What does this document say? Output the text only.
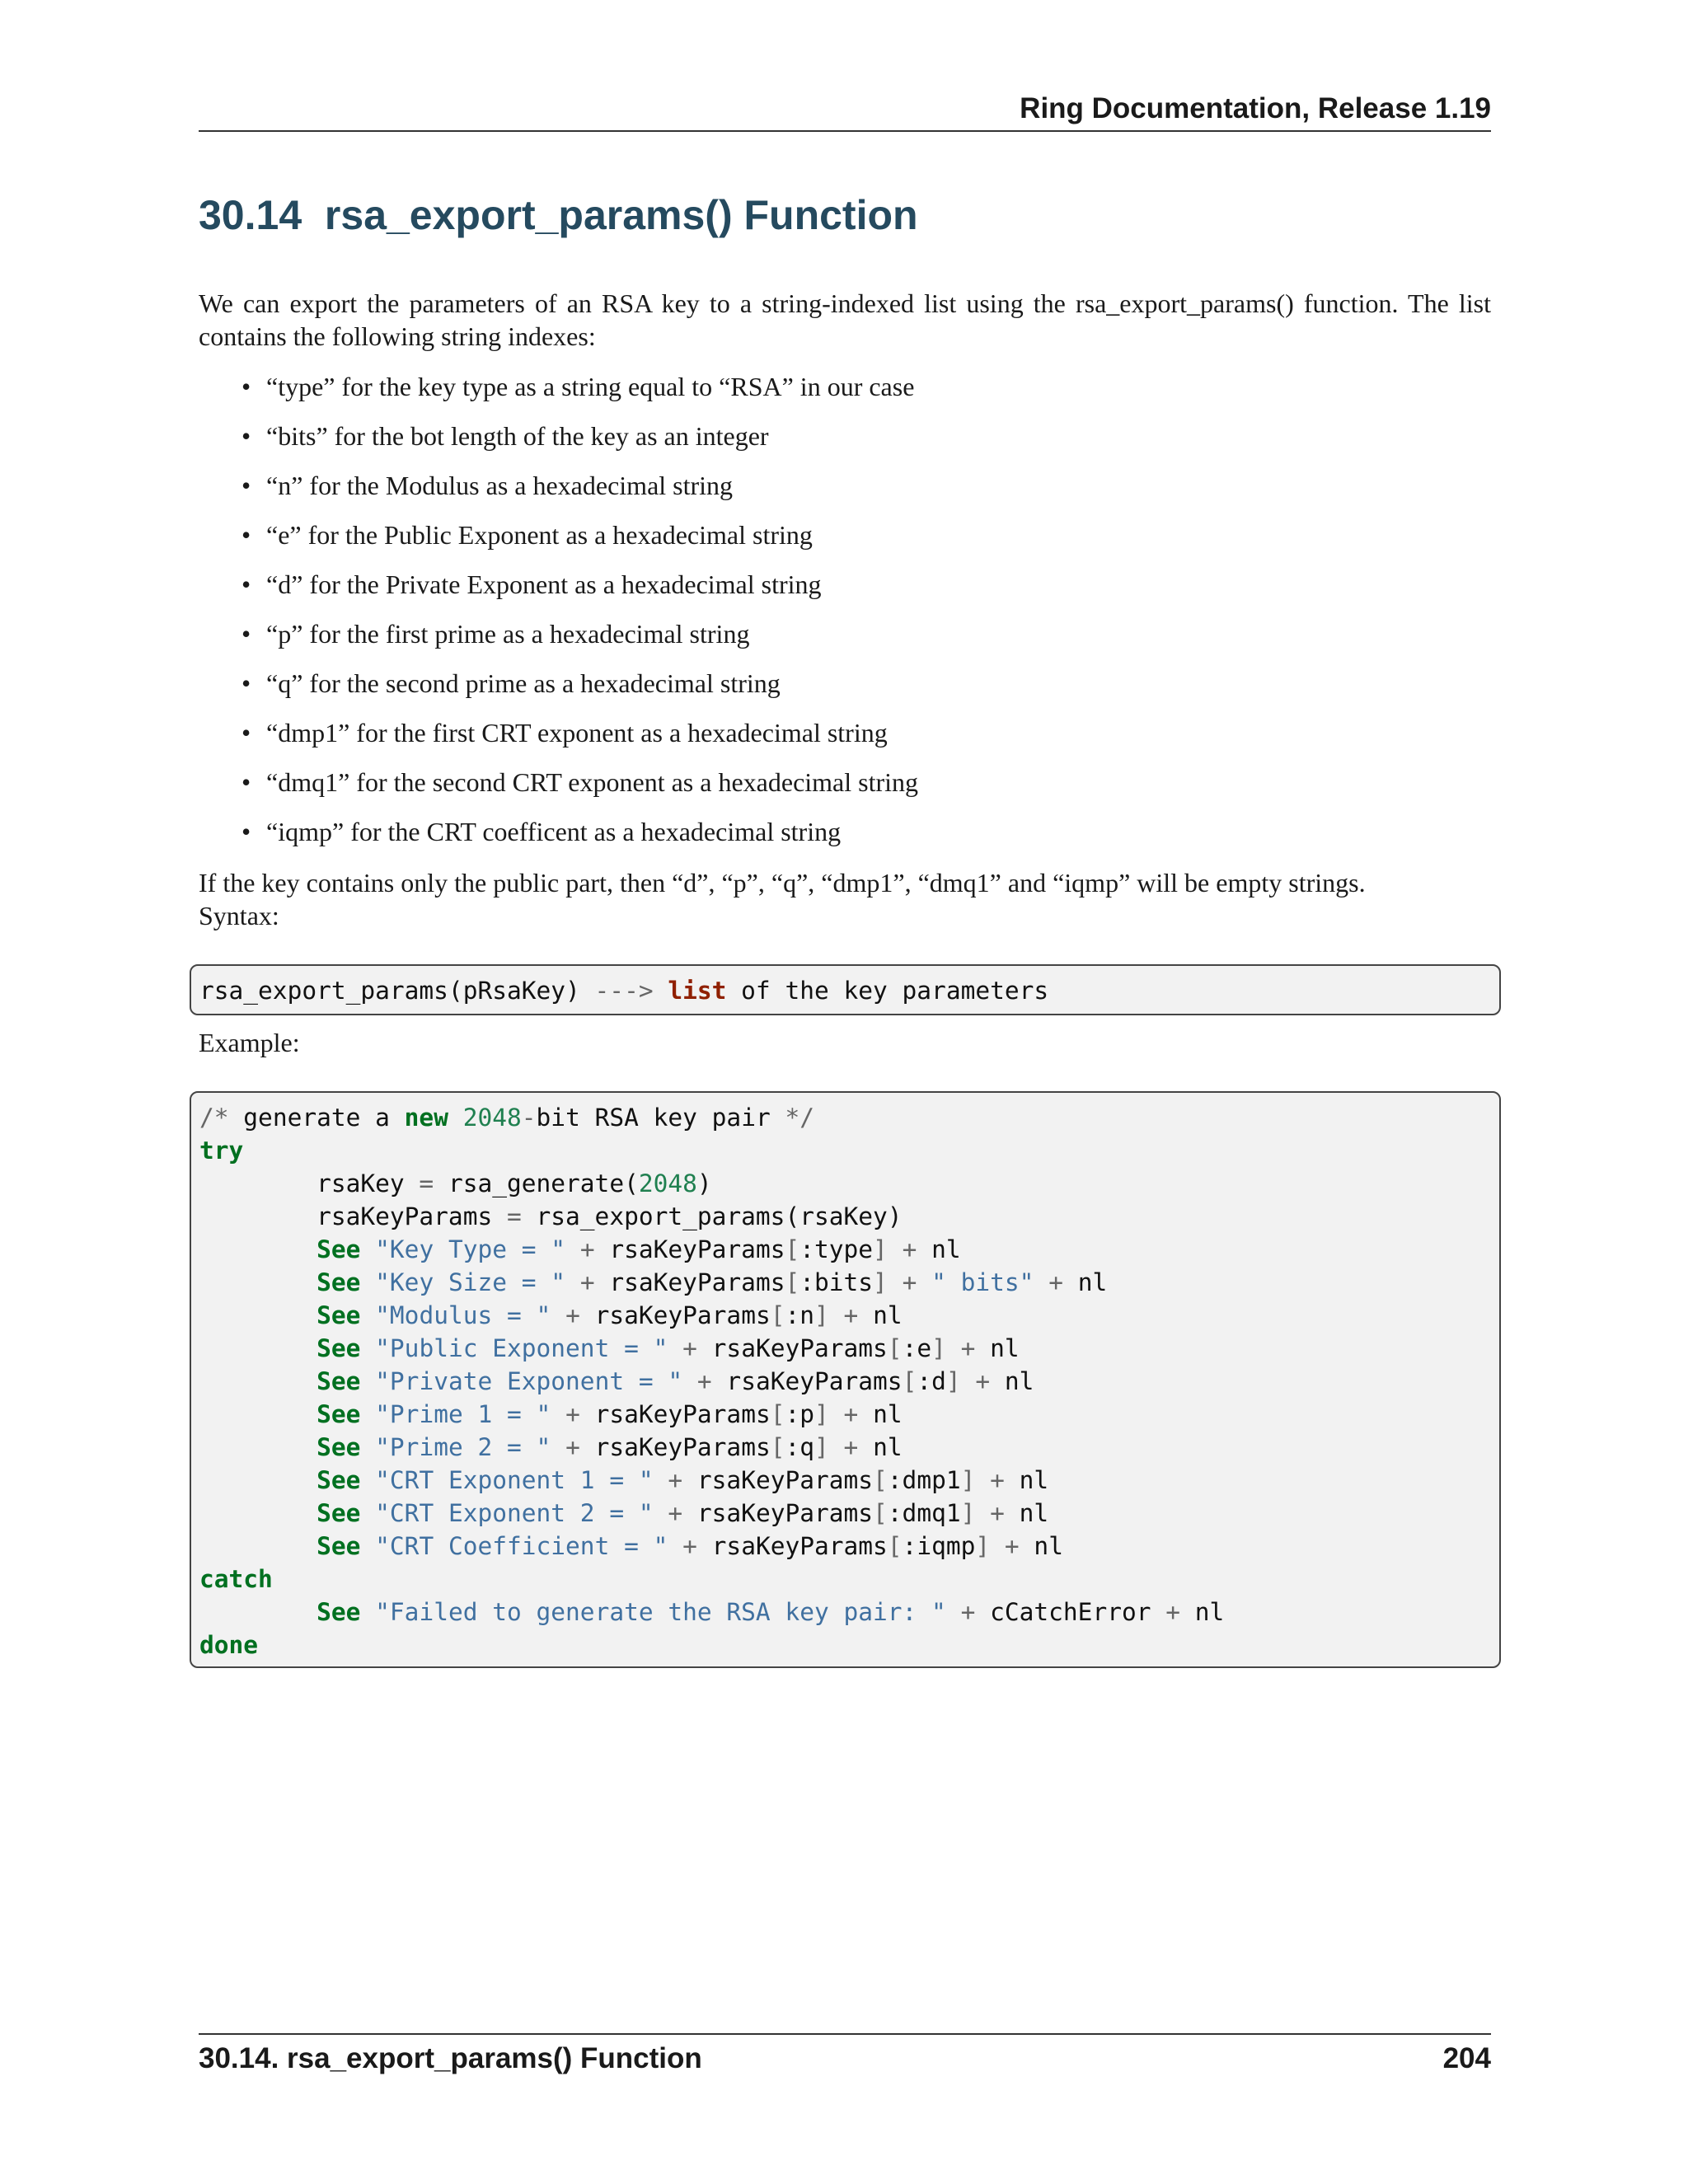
Ring Documentation, Release 1.19
30.14 rsa_export_params() Function

We can export the parameters of an RSA key to a string-indexed list using the rsa_export_params() function. The list contains the following string indexes:

• “type” for the key type as a string equal to “RSA” in our case
• “bits” for the bot length of the key as an integer
• “n” for the Modulus as a hexadecimal string
• “e” for the Public Exponent as a hexadecimal string
• “d” for the Private Exponent as a hexadecimal string
• “p” for the first prime as a hexadecimal string
• “q” for the second prime as a hexadecimal string
• “dmp1” for the first CRT exponent as a hexadecimal string
• “dmq1” for the second CRT exponent as a hexadecimal string
• “iqmp” for the CRT coefficent as a hexadecimal string

If the key contains only the public part, then “d”, “p”, “q”, “dmp1”, “dmq1” and “iqmp” will be empty strings.

Syntax:

rsa_export_params(pRsaKey) ---> list of the key parameters

Example:

/* generate a new 2048-bit RSA key pair */
try
rsaKey = rsa_generate(2048)
rsaKeyParams = rsa_export_params(rsaKey)
See "Key Type = " + rsaKeyParams[:type] + nl
See "Key Size = " + rsaKeyParams[:bits] + " bits" + nl
See "Modulus = " + rsaKeyParams[:n] + nl
See "Public Exponent = " + rsaKeyParams[:e] + nl
See "Private Exponent = " + rsaKeyParams[:d] + nl
See "Prime 1 = " + rsaKeyParams[:p] + nl
See "Prime 2 = " + rsaKeyParams[:q] + nl
See "CRT Exponent 1 = " + rsaKeyParams[:dmp1] + nl
See "CRT Exponent 2 = " + rsaKeyParams[:dmq1] + nl
See "CRT Coefficient = " + rsaKeyParams[:iqmp] + nl
catch
See "Failed to generate the RSA key pair: " + cCatchError + nl
done
30.14. rsa_export_params() Function	204
